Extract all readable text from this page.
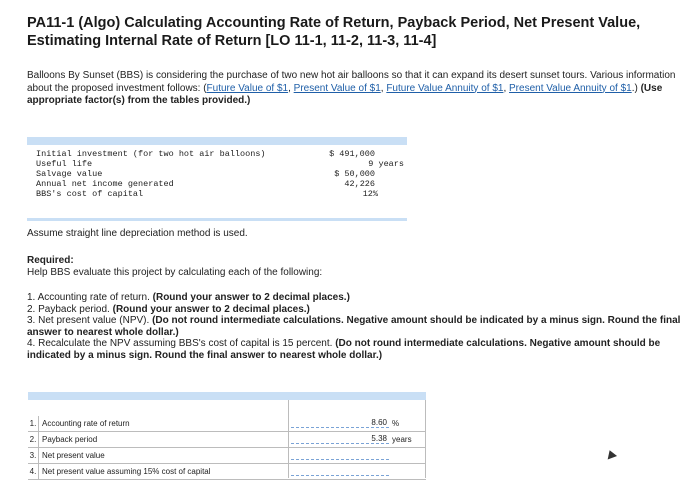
PA11-1 (Algo) Calculating Accounting Rate of Return, Payback Period, Net Present Value, Estimating Internal Rate of Return [LO 11-1, 11-2, 11-3, 11-4]
Balloons By Sunset (BBS) is considering the purchase of two new hot air balloons so that it can expand its desert sunset tours. Various information about the proposed investment follows: (Future Value of $1, Present Value of $1, Future Value Annuity of $1, Present Value Annuity of $1.) (Use appropriate factor(s) from the tables provided.)
Initial investment (for two hot air balloons)	$ 491,000
Useful life	9 years
Salvage value	$ 50,000
Annual net income generated	42,226
BBS's cost of capital	12%
Assume straight line depreciation method is used.
Required:
Help BBS evaluate this project by calculating each of the following:
1. Accounting rate of return. (Round your answer to 2 decimal places.)
2. Payback period. (Round your answer to 2 decimal places.)
3. Net present value (NPV). (Do not round intermediate calculations. Negative amount should be indicated by a minus sign. Round the final answer to nearest whole dollar.)
4. Recalculate the NPV assuming BBS's cost of capital is 15 percent. (Do not round intermediate calculations. Negative amount should be indicated by a minus sign. Round the final answer to nearest whole dollar.)
1. Accounting rate of return	8.60 %
2. Payback period	5.38 years
3. Net present value
4. Net present value assuming 15% cost of capital
